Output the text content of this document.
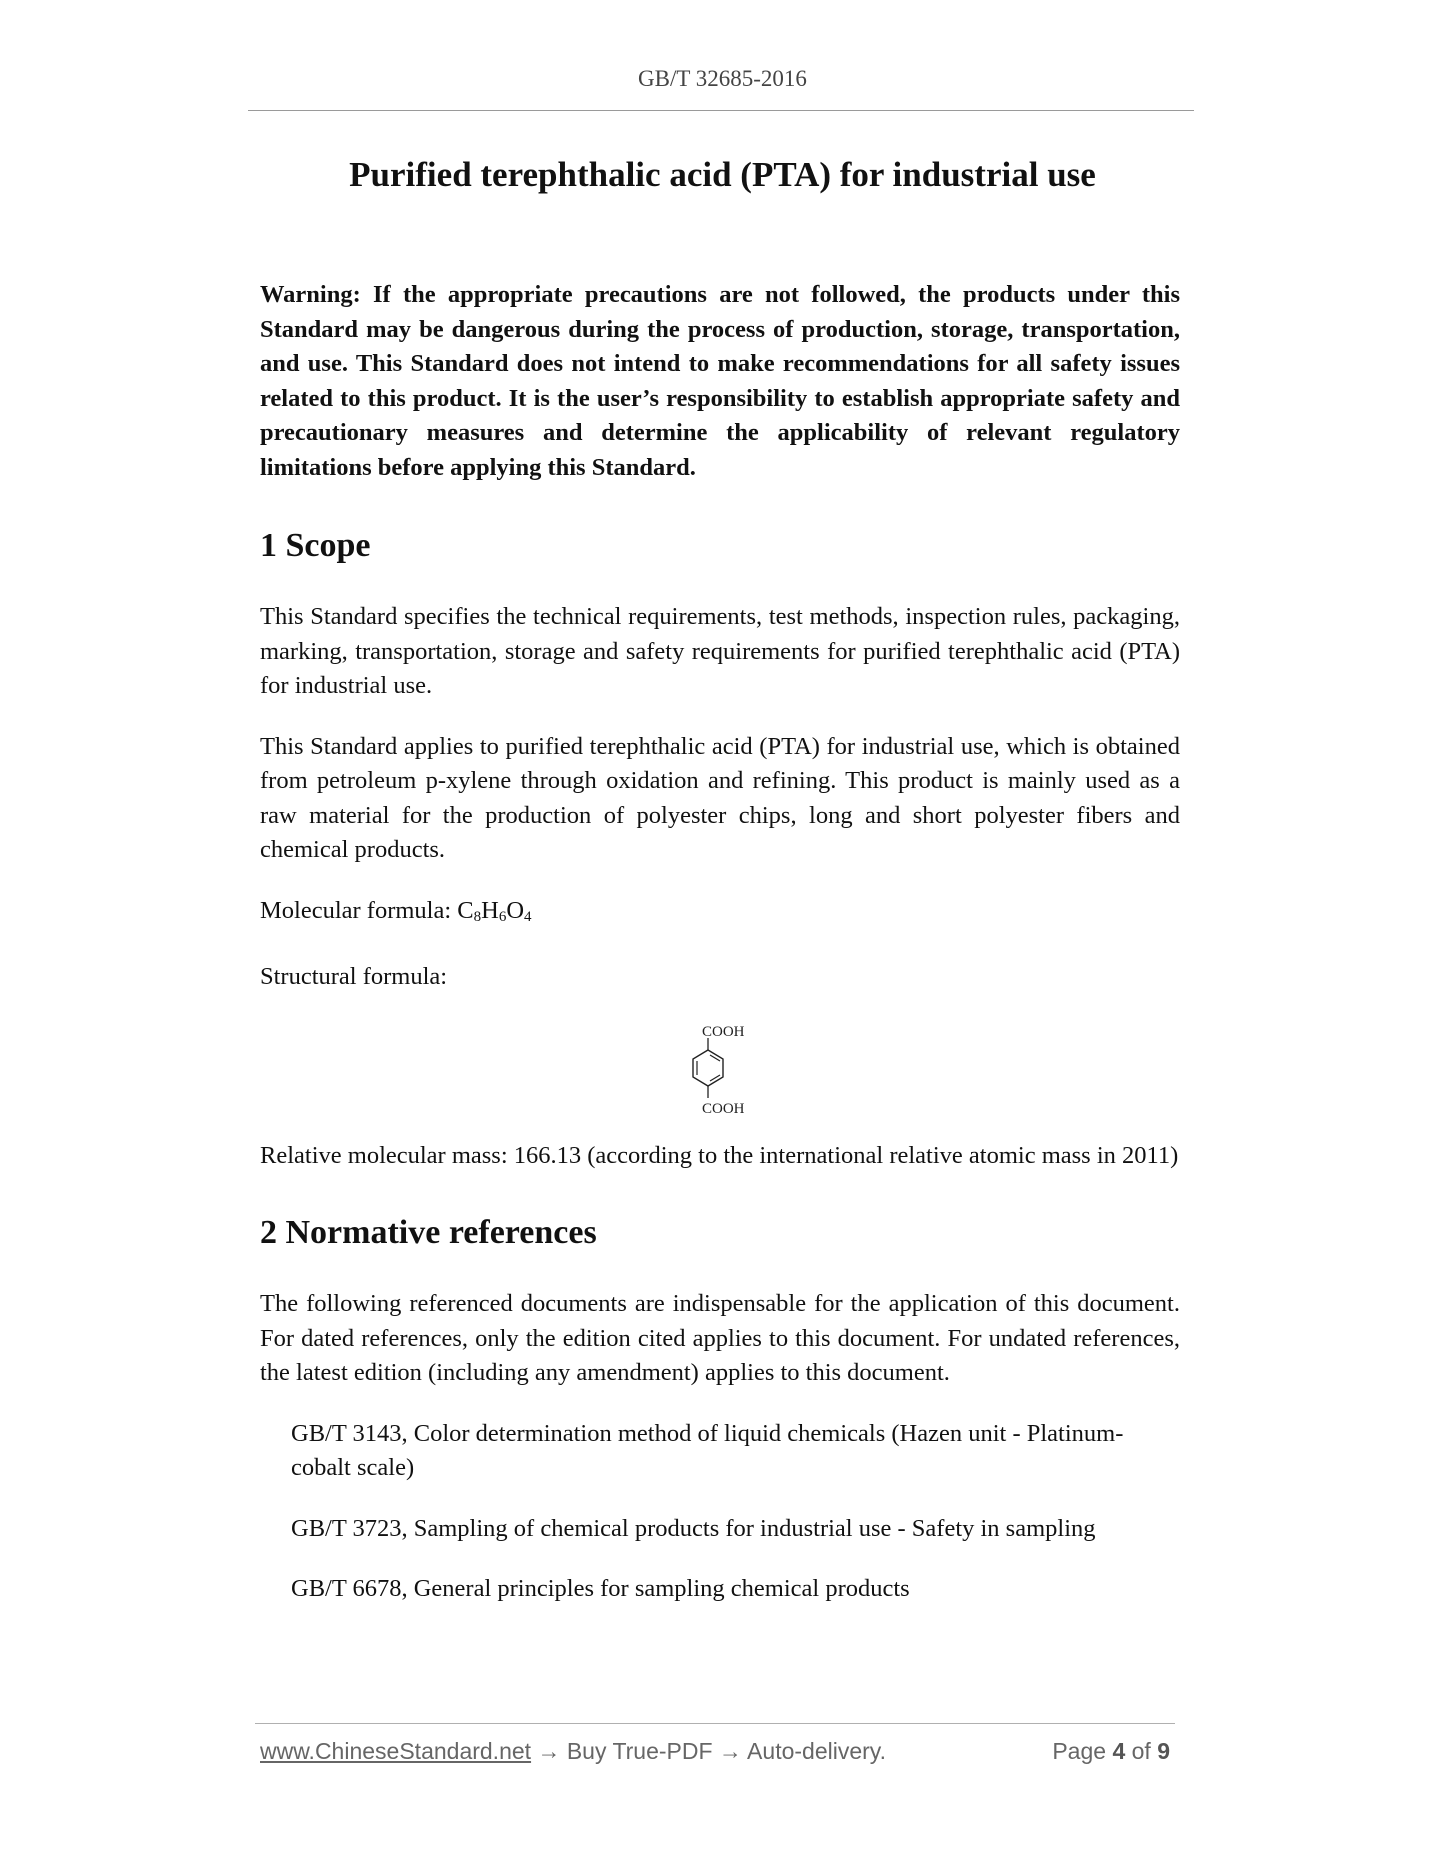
GB/T 32685-2016
Purified terephthalic acid (PTA) for industrial use

Warning: If the appropriate precautions are not followed, the products under this Standard may be dangerous during the process of production, storage, transportation, and use. This Standard does not intend to make recommendations for all safety issues related to this product. It is the user’s responsibility to establish appropriate safety and precautionary measures and determine the applicability of relevant regulatory limitations before applying this Standard.

1 Scope

This Standard specifies the technical requirements, test methods, inspection rules, packaging, marking, transportation, storage and safety requirements for purified terephthalic acid (PTA) for industrial use.

This Standard applies to purified terephthalic acid (PTA) for industrial use, which is obtained from petroleum p-xylene through oxidation and refining. This product is mainly used as a raw material for the production of polyester chips, long and short polyester fibers and chemical products.

Molecular formula: $C_8H_6O_4$

Structural formula:

Relative molecular mass: 166.13 (according to the international relative atomic mass in 2011)

2 Normative references

The following referenced documents are indispensable for the application of this document. For dated references, only the edition cited applies to this document. For undated references, the latest edition (including any amendment) applies to this document.

GB/T 3143, Color determination method of liquid chemicals (Hazen unit - Platinum-cobalt scale)

GB/T 3723, Sampling of chemical products for industrial use - Safety in sampling

GB/T 6678, General principles for sampling chemical products

COOH
COOH
www.ChineseStandard.net → Buy True-PDF → Auto-delivery.	Page 4 of 9
